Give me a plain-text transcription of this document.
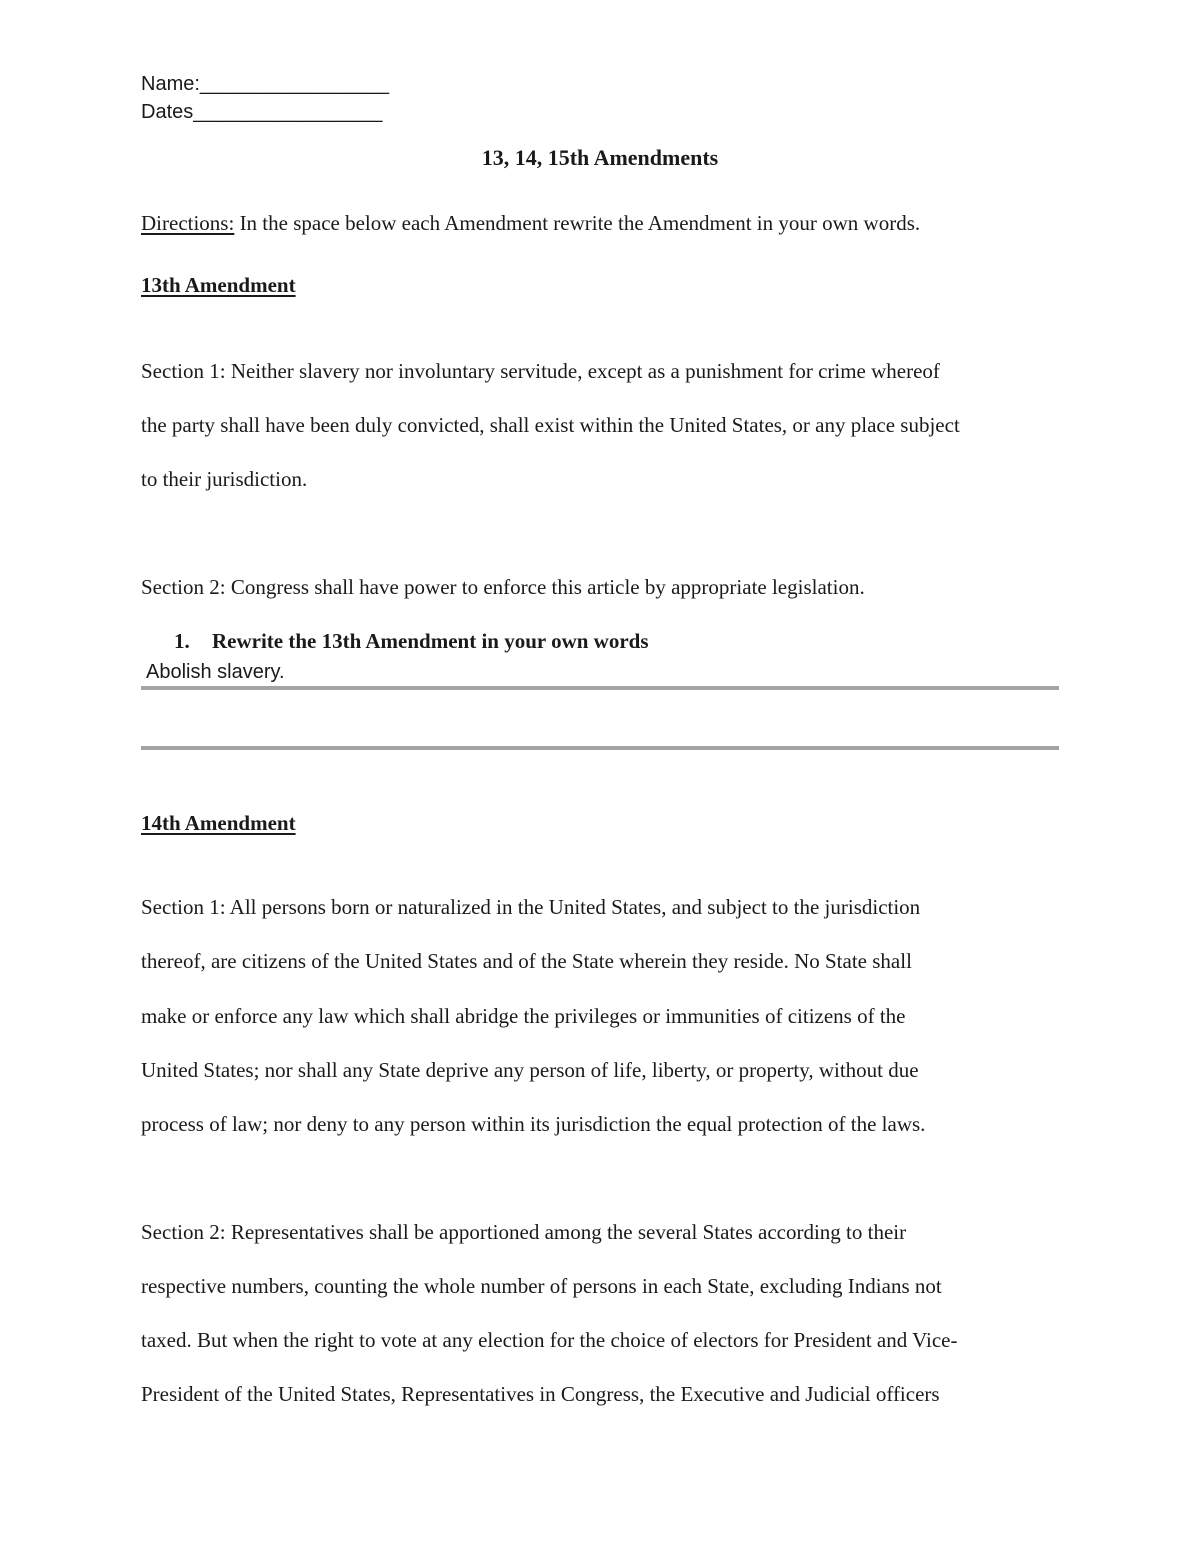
Name:_________________
Dates_________________
13, 14, 15th Amendments
Directions: In the space below each Amendment rewrite the Amendment in your own words.
13th Amendment
Section 1: Neither slavery nor involuntary servitude, except as a punishment for crime whereof
the party shall have been duly convicted, shall exist within the United States, or any place subject
to their jurisdiction.
Section 2: Congress shall have power to enforce this article by appropriate legislation.
1. Rewrite the 13th Amendment in your own words
Abolish slavery.
14th Amendment
Section 1: All persons born or naturalized in the United States, and subject to the jurisdiction
thereof, are citizens of the United States and of the State wherein they reside. No State shall
make or enforce any law which shall abridge the privileges or immunities of citizens of the
United States; nor shall any State deprive any person of life, liberty, or property, without due
process of law; nor deny to any person within its jurisdiction the equal protection of the laws.
Section 2: Representatives shall be apportioned among the several States according to their
respective numbers, counting the whole number of persons in each State, excluding Indians not
taxed. But when the right to vote at any election for the choice of electors for President and Vice-
President of the United States, Representatives in Congress, the Executive and Judicial officers
